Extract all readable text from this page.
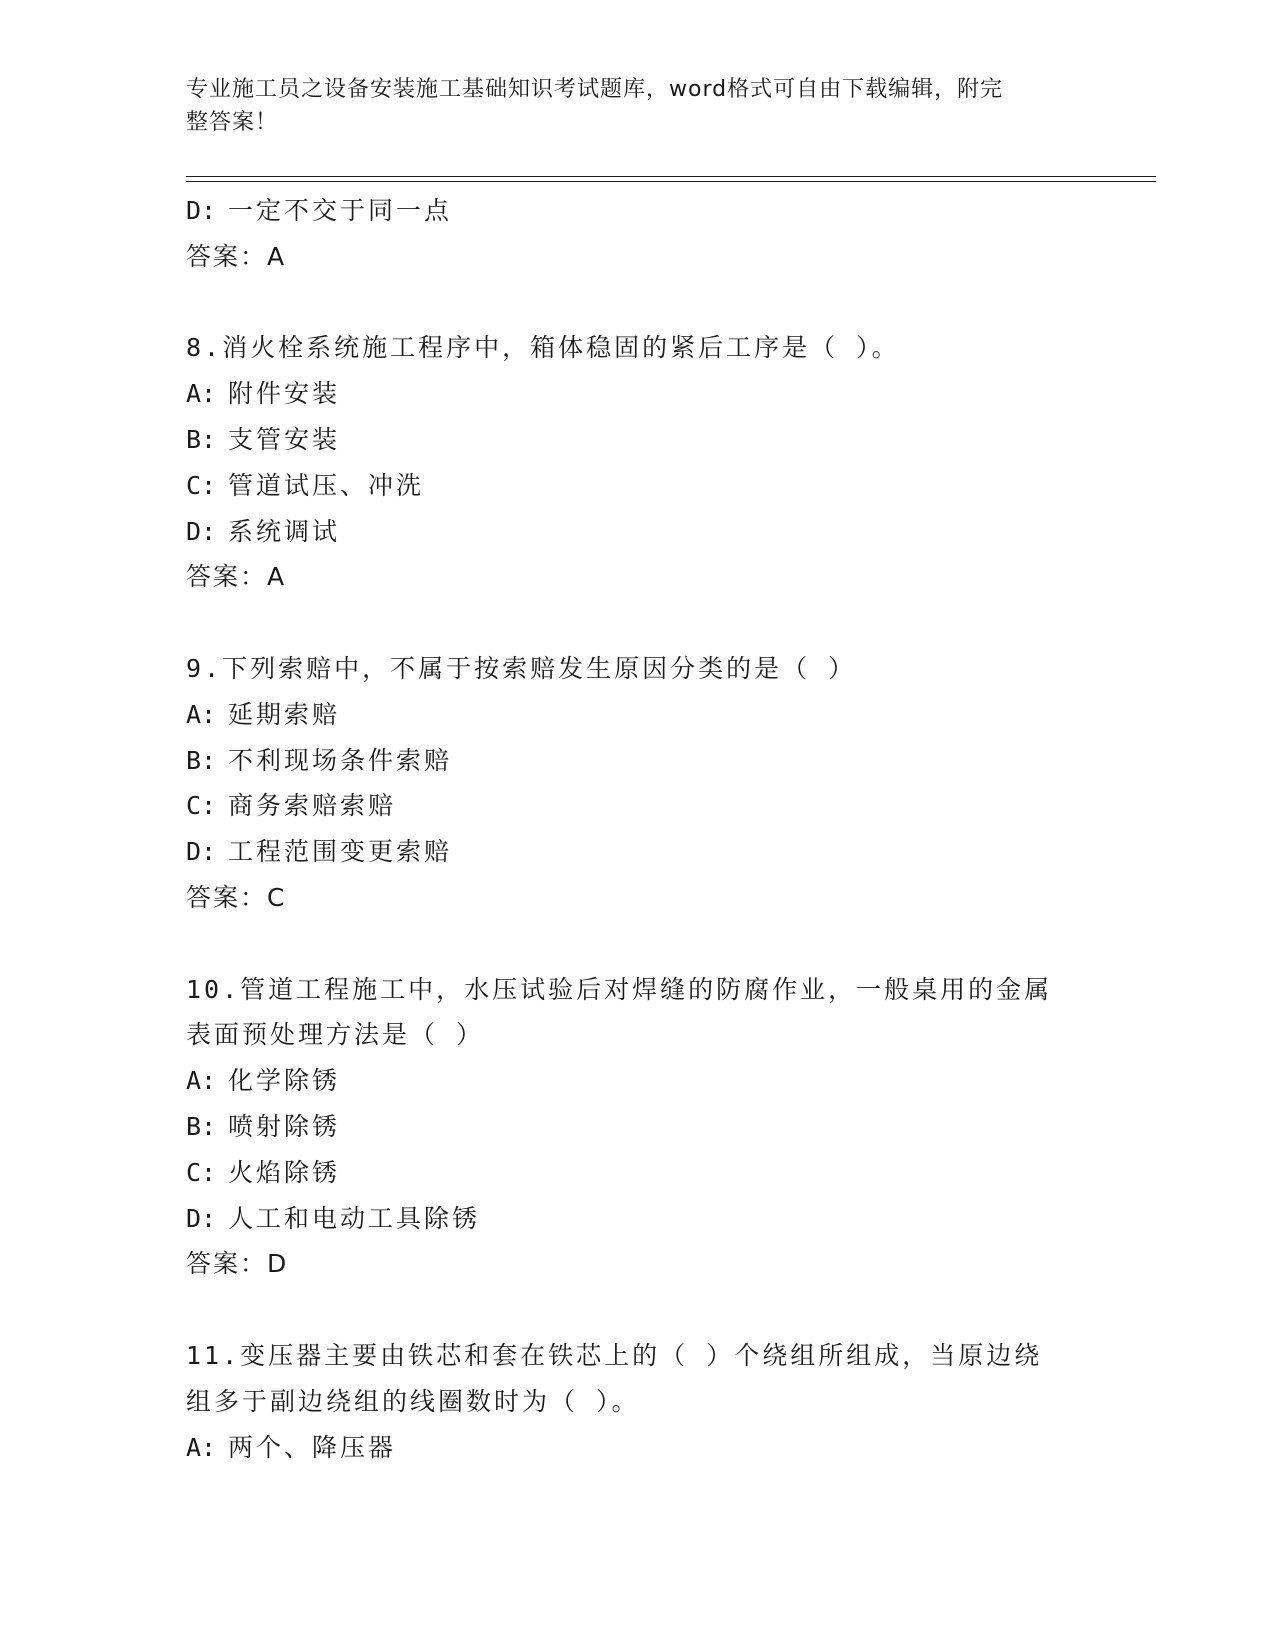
专业施工员之设备安装施工基础知识考试题库，word格式可自由下载编辑，附完
整答案！
D: 一定不交于同一点
答案：A
8.消火栓系统施工程序中，箱体稳固的紧后工序是（ ）。
A: 附件安装
B: 支管安装
C: 管道试压、冲洗
D: 系统调试
答案：A
9.下列索赔中，不属于按索赔发生原因分类的是（ ）
A: 延期索赔
B: 不利现场条件索赔
C: 商务索赔索赔
D: 工程范围变更索赔
答案：C
10.管道工程施工中，水压试验后对焊缝的防腐作业，一般桌用的金属
表面预处理方法是（ ）
A: 化学除锈
B: 喷射除锈
C: 火焰除锈
D: 人工和电动工具除锈
答案：D
11.变压器主要由铁芯和套在铁芯上的（ ）个绕组所组成，当原边绕
组多于副边绕组的线圈数时为（ ）。
A: 两个、降压器
